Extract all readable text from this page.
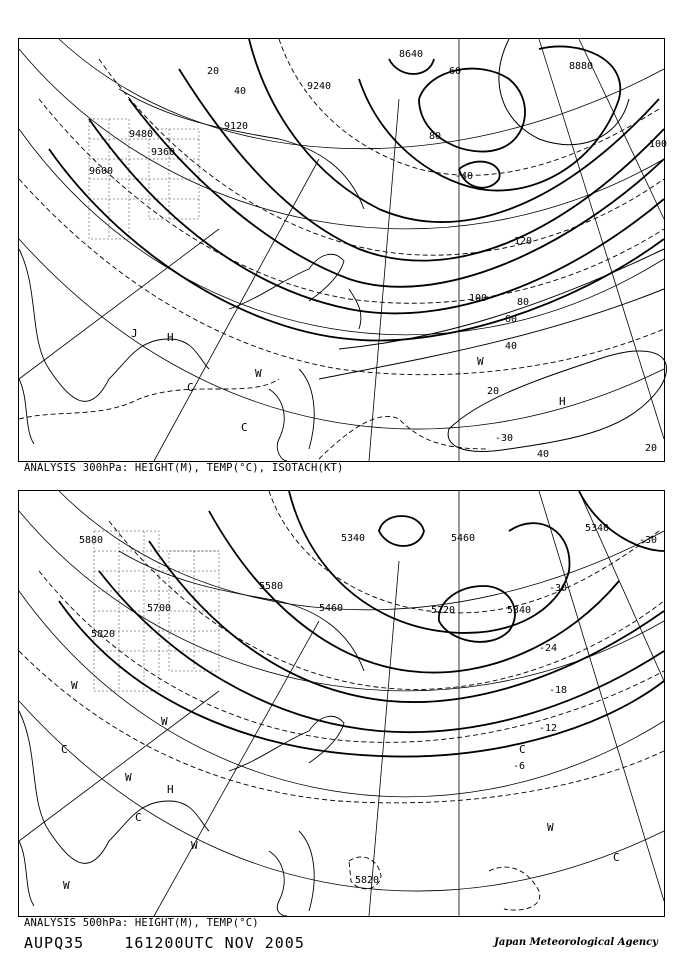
9600
9480
9360
9120
8880
8640
9240
20
40
60
80
100
120
100	80
60
40
20
40
20
-30
-40
H
C
W
C
W
H
J
ANALYSIS 300hPa: HEIGHT(M), TEMP(°C), ISOTACH(KT)
5880
5820
5700
5580
5460
5340
5220	5340
5460
5340
5820
-30
-30
-24
-18
-12
-6
W
C
W
W
H
C
W
W
C
W
C
ANALYSIS 500hPa: HEIGHT(M), TEMP(°C)
AUPQ35	161200UTC NOV 2005	Japan Meteorological Agency
